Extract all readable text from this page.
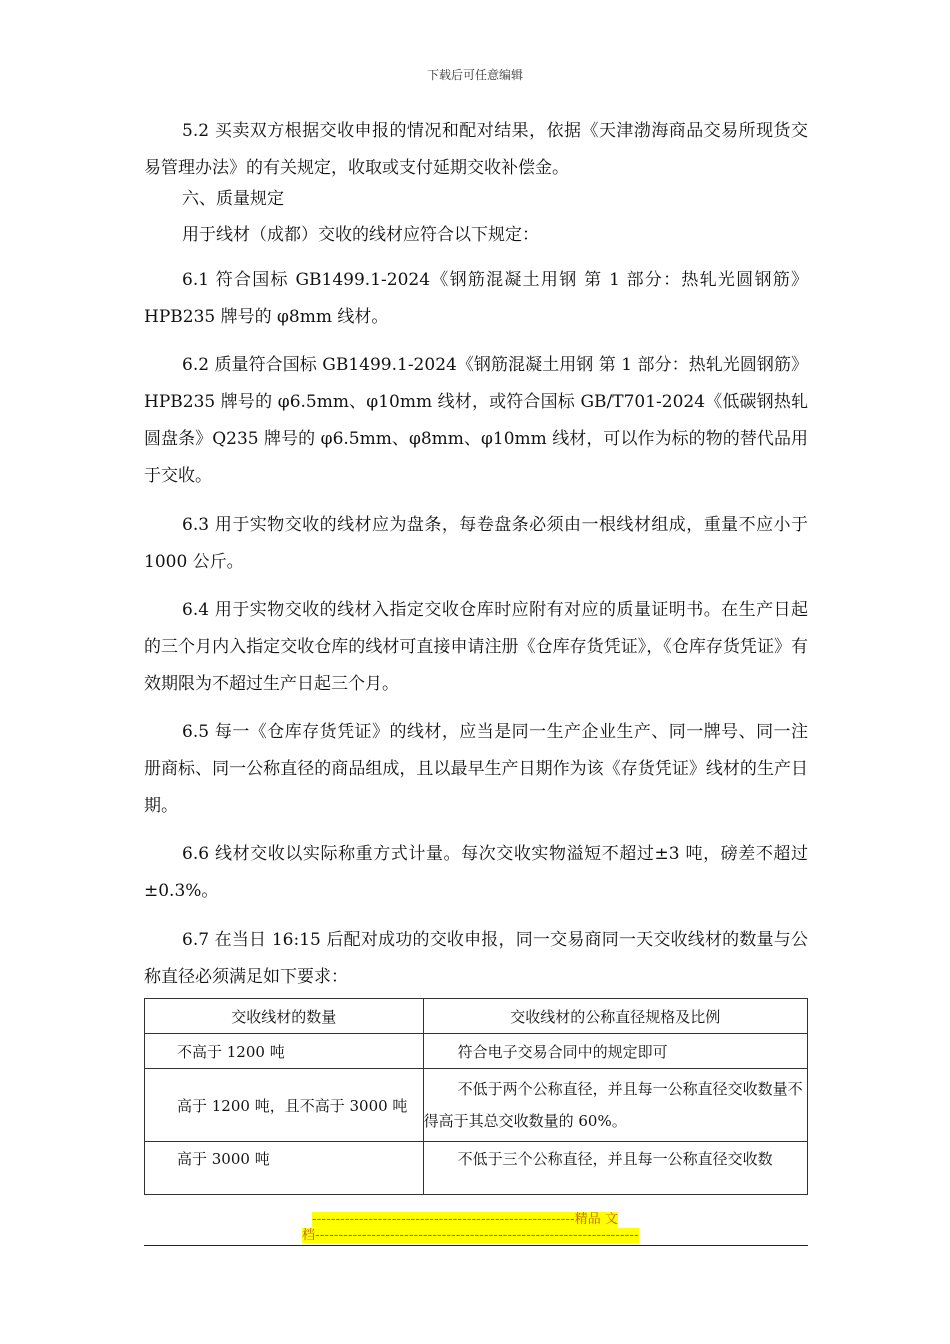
下载后可任意编辑

5.2 买卖双方根据交收申报的情况和配对结果，依据《天津渤海商品交易所现货交易管理办法》的有关规定，收取或支付延期交收补偿金。

六、质量规定

用于线材（成都）交收的线材应符合以下规定：

6.1 符合国标 GB1499.1-2024《钢筋混凝土用钢 第 1 部分：热轧光圆钢筋》HPB235 牌号的 φ8mm 线材。

6.2 质量符合国标 GB1499.1-2024《钢筋混凝土用钢 第 1 部分：热轧光圆钢筋》HPB235 牌号的 φ6.5mm、φ10mm 线材，或符合国标 GB/T701-2024《低碳钢热轧圆盘条》Q235 牌号的 φ6.5mm、φ8mm、φ10mm 线材，可以作为标的物的替代品用于交收。

6.3 用于实物交收的线材应为盘条，每卷盘条必须由一根线材组成，重量不应小于 1000 公斤。

6.4 用于实物交收的线材入指定交收仓库时应附有对应的质量证明书。在生产日起的三个月内入指定交收仓库的线材可直接申请注册《仓库存货凭证》，《仓库存货凭证》有效期限为不超过生产日起三个月。

6.5 每一《仓库存货凭证》的线材，应当是同一生产企业生产、同一牌号、同一注册商标、同一公称直径的商品组成，且以最早生产日期作为该《存货凭证》线材的生产日期。

6.6 线材交收以实际称重方式计量。每次交收实物溢短不超过±3 吨，磅差不超过±0.3%。

6.7 在当日 16:15 后配对成功的交收申报，同一交易商同一天交收线材的数量与公称直径必须满足如下要求：

交收线材的数量	交收线材的公称直径规格及比例
不高于 1200 吨	符合电子交易合同中的规定即可
高于 1200 吨，且不高于 3000 吨	不低于两个公称直径，并且每一公称直径交收数量不得高于其总交收数量的 60%。
高于 3000 吨	不低于三个公称直径，并且每一公称直径交收数
--------------------------------------------------------精品 文
档---------------------------------------------------------------------
